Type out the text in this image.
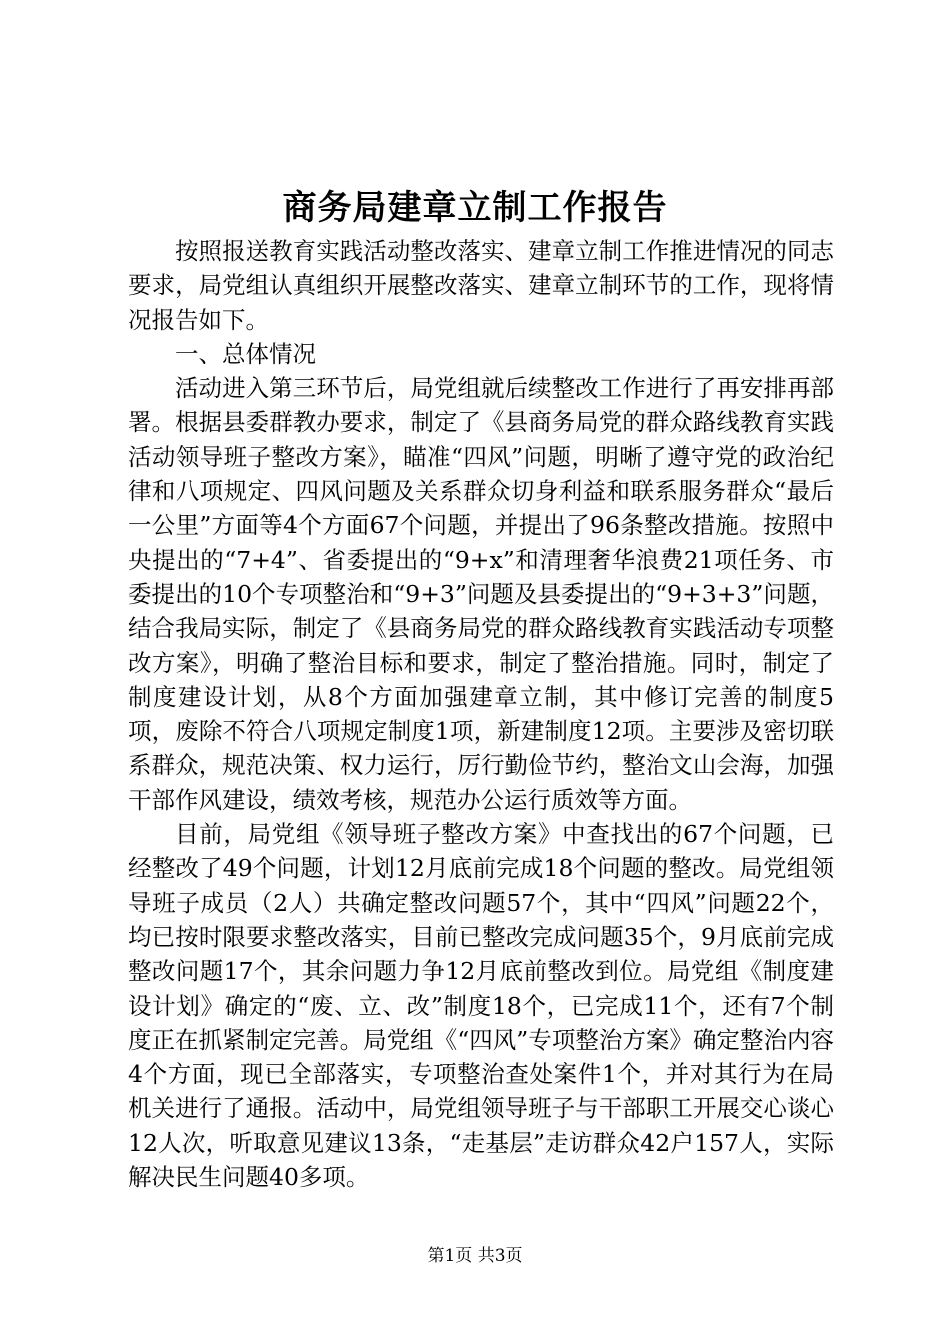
商务局建章立制工作报告

按照报送教育实践活动整改落实、建章立制工作推进情况的同志要求，局党组认真组织开展整改落实、建章立制环节的工作，现将情况报告如下。

一、总体情况

活动进入第三环节后，局党组就后续整改工作进行了再安排再部署。根据县委群教办要求，制定了《县商务局党的群众路线教育实践活动领导班子整改方案》，瞄准“四风”问题，明晰了遵守党的政治纪律和八项规定、四风问题及关系群众切身利益和联系服务群众“最后一公里”方面等4个方面67个问题，并提出了96条整改措施。按照中央提出的“7+4”、省委提出的“9+x”和清理奢华浪费21项任务、市委提出的10个专项整治和“9+3”问题及县委提出的“9+3+3”问题，结合我局实际，制定了《县商务局党的群众路线教育实践活动专项整改方案》，明确了整治目标和要求，制定了整治措施。同时，制定了制度建设计划，从8个方面加强建章立制，其中修订完善的制度5项，废除不符合八项规定制度1项，新建制度12项。主要涉及密切联系群众，规范决策、权力运行，厉行勤俭节约，整治文山会海，加强干部作风建设，绩效考核，规范办公运行质效等方面。

目前，局党组《领导班子整改方案》中查找出的67个问题，已经整改了49个问题，计划12月底前完成18个问题的整改。局党组领导班子成员（2人）共确定整改问题57个，其中“四风”问题22个，均已按时限要求整改落实，目前已整改完成问题35个，9月底前完成整改问题17个，其余问题力争12月底前整改到位。局党组《制度建设计划》确定的“废、立、改”制度18个，已完成11个，还有7个制度正在抓紧制定完善。局党组《“四风”专项整治方案》确定整治内容4个方面，现已全部落实，专项整治查处案件1个，并对其行为在局机关进行了通报。活动中，局党组领导班子与干部职工开展交心谈心12人次，听取意见建议13条，“走基层”走访群众42户157人，实际解决民生问题40多项。

第1页 共3页
